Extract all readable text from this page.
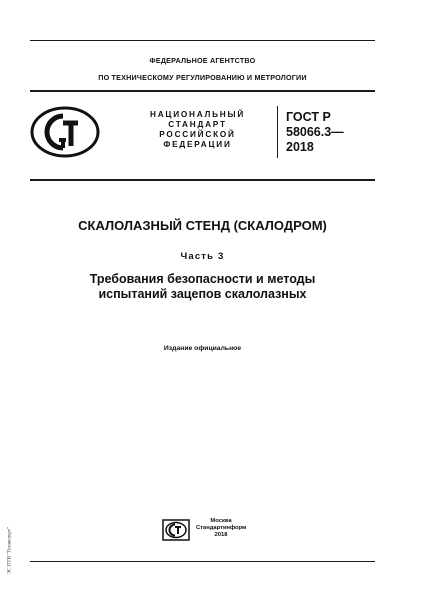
ФЕДЕРАЛЬНОЕ АГЕНТСТВО
ПО ТЕХНИЧЕСКОМУ РЕГУЛИРОВАНИЮ И МЕТРОЛОГИИ
НАЦИОНАЛЬНЫЙ
СТАНДАРТ
РОССИЙСКОЙ
ФЕДЕРАЦИИ
ГОСТ Р
58066.3—
2018
СКАЛОЛАЗНЫЙ СТЕНД (СКАЛОДРОМ)
Часть 3
Требования безопасности и методы
испытаний зацепов скалолазных
Издание официальное
Москва
Стандартинформ
2018
ЭС ПТИ "Техэксперт"
